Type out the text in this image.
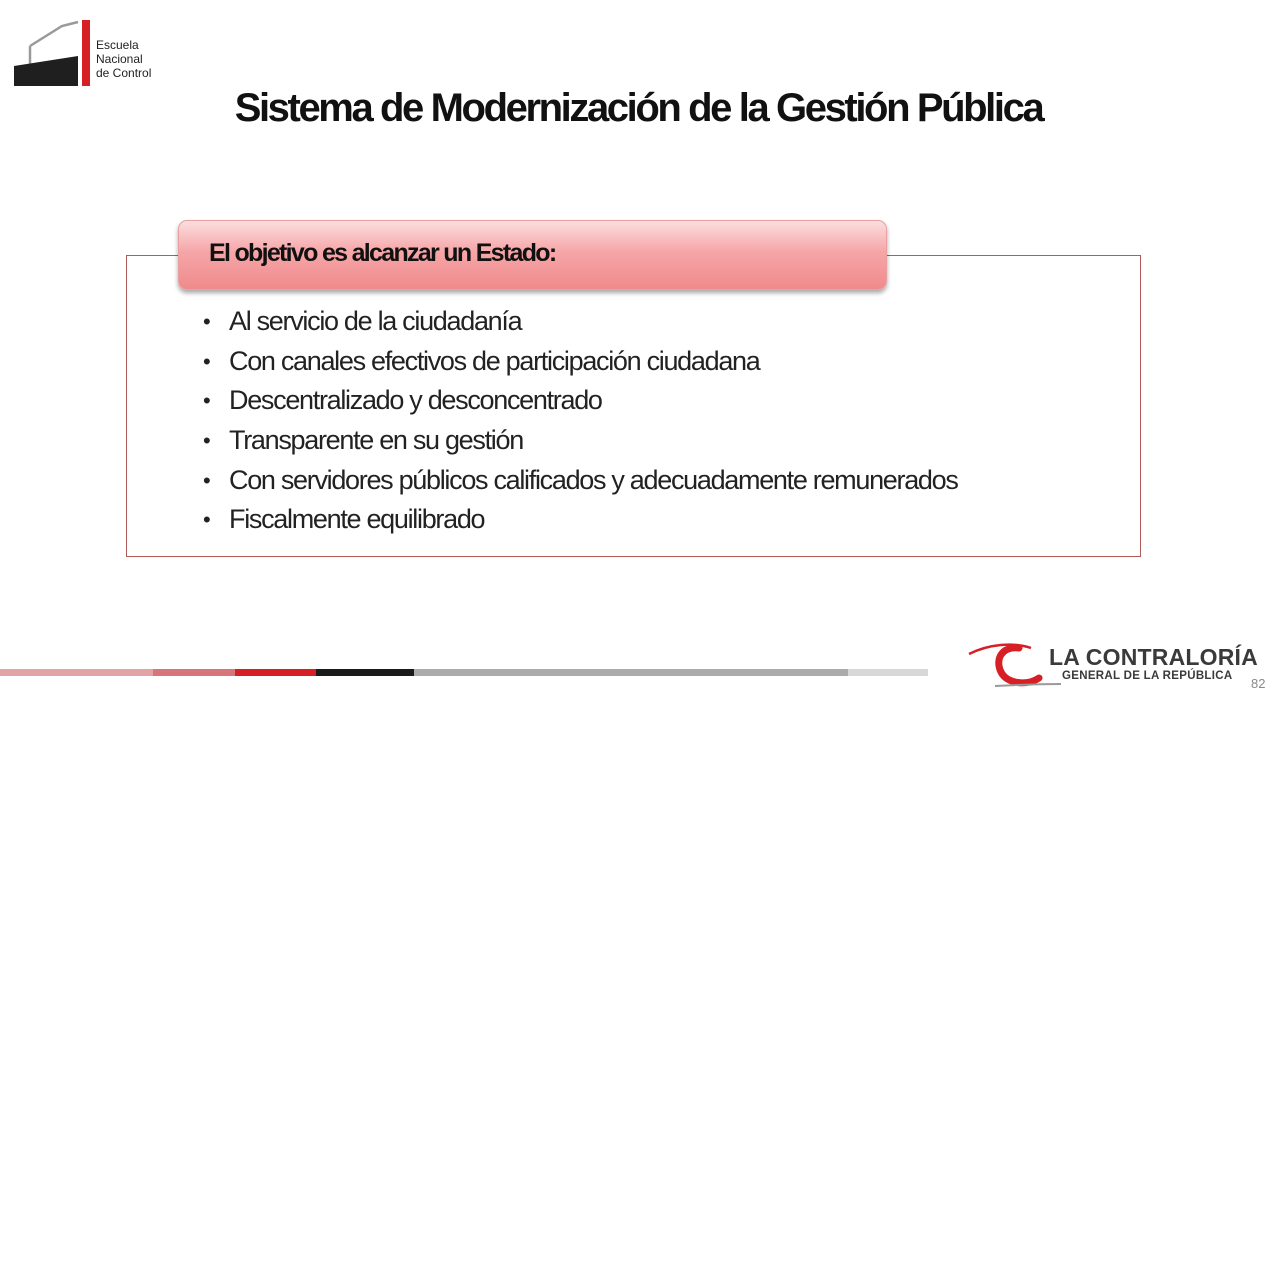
Escuela
Nacional
de Control
Sistema de Modernización de la Gestión Pública
El objetivo es alcanzar un Estado:
• Al servicio de la ciudadanía
• Con canales efectivos de participación ciudadana
• Descentralizado y desconcentrado
• Transparente en su gestión
• Con servidores públicos calificados y adecuadamente remunerados
• Fiscalmente equilibrado
LA CONTRALORÍA
GENERAL DE LA REPÚBLICA 82
